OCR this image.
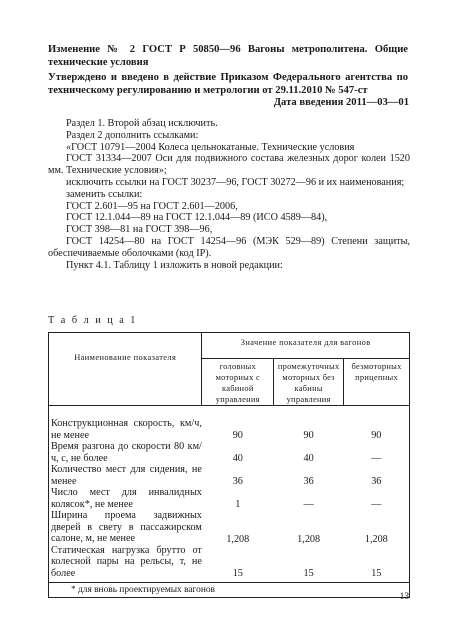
Изменение № 2 ГОСТ Р 50850—96 Вагоны метрополитена. Общие технические условия
Утверждено и введено в действие Приказом Федерального агентства по техническому регулированию и метрологии от 29.11.2010 № 547-ст
Дата введения 2011—03—01

Раздел 1. Второй абзац исключить.

Раздел 2 дополнить ссылками:

«ГОСТ 10791—2004 Колеса цельнокатаные. Технические условия

ГОСТ 31334—2007 Оси для подвижного состава железных дорог колеи 1520 мм. Технические условия»;

исключить ссылки на ГОСТ 30237—96, ГОСТ 30272—96 и их наименования;

заменить ссылки:

ГОСТ 2.601—95 на ГОСТ 2.601—2006,

ГОСТ 12.1.044—89 на ГОСТ 12.1.044—89 (ИСО 4589—84),

ГОСТ 398—81 на ГОСТ 398—96,

ГОСТ 14254—80 на ГОСТ 14254—96 (МЭК 529—89) Степени защиты, обеспечиваемые оболочками (код IP).

Пункт 4.1. Таблицу 1 изложить в новой редакции:

Т а б л и ц а 1
Наименование показателя	Значение показателя для вагонов		
	головных моторных с кабиной управления	промежуточных моторных без кабины управления	безмоторных прицепных

Конструкционная скорость, км/ч, не менее	90	90	90
Время разгона до скорости 80 км/ч, с, не более	40	40	—
Количество мест для сидения, не менее	36	36	36
Число мест для инвалидных колясок*, не менее	1	—	—
Ширина проема задвижных дверей в свету в пассажирском салоне, м, не менее	1,208	1,208	1,208
Статическая нагрузка брутто от колесной пары на рельсы, т, не более	15	15	15
* для вновь проектируемых вагонов			
13
